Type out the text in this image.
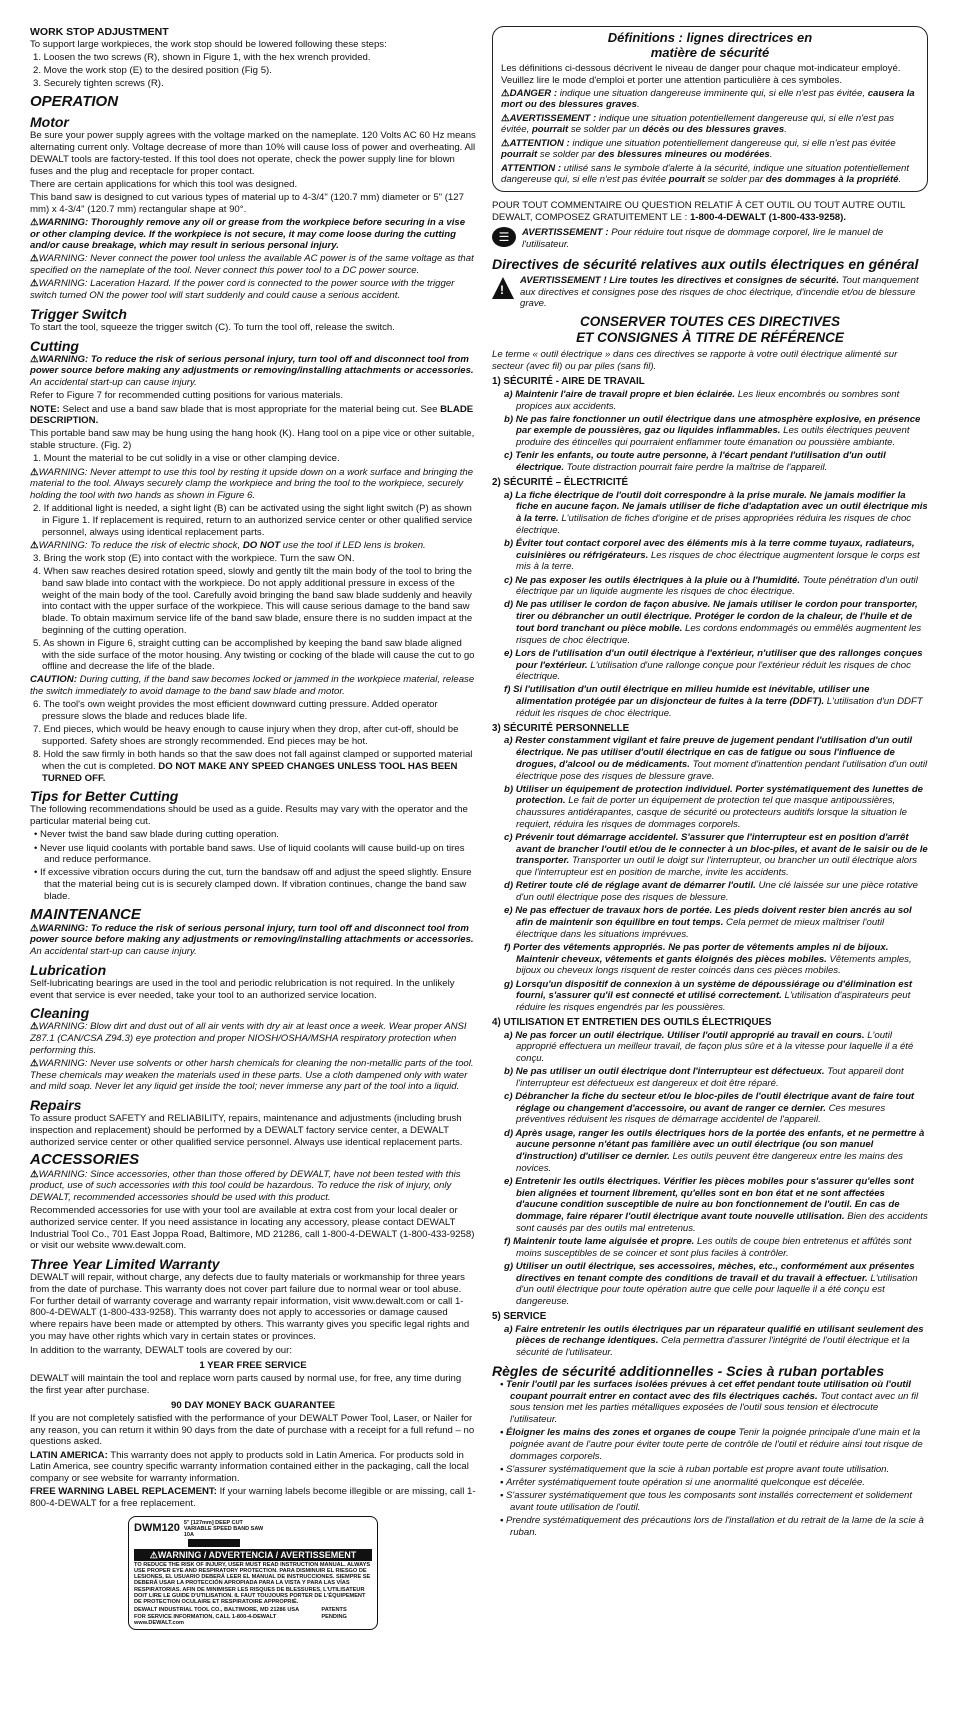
WORK STOP ADJUSTMENT

To support large workpieces, the work stop should be lowered following these steps:

1. Loosen the two screws (R), shown in Figure 1, with the hex wrench provided.

2. Move the work stop (E) to the desired position (Fig 5).

3. Securely tighten screws (R).

OPERATION

Motor

Be sure your power supply agrees with the voltage marked on the nameplate. 120 Volts AC 60 Hz means alternating current only. Voltage decrease of more than 10% will cause loss of power and overheating. All DEWALT tools are factory-tested. If this tool does not operate, check the power supply line for blown fuses and the plug and receptacle for proper contact.

There are certain applications for which this tool was designed.

This band saw is designed to cut various types of material up to 4-3/4" (120.7 mm) diameter or 5" (127 mm) x 4-3/4" (120.7 mm) rectangular shape at 90°.

⚠WARNING: Thoroughly remove any oil or grease from the workpiece before securing in a vise or other clamping device. If the workpiece is not secure, it may come loose during the cutting and/or cause breakage, which may result in serious personal injury.

⚠WARNING: Never connect the power tool unless the available AC power is of the same voltage as that specified on the nameplate of the tool. Never connect this power tool to a DC power source.

⚠WARNING: Laceration Hazard. If the power cord is connected to the power source with the trigger switch turned ON the power tool will start suddenly and could cause a serious accident.

Trigger Switch

To start the tool, squeeze the trigger switch (C). To turn the tool off, release the switch.

Cutting

⚠WARNING: To reduce the risk of serious personal injury, turn tool off and disconnect tool from power source before making any adjustments or removing/installing attachments or accessories. An accidental start-up can cause injury.

Refer to Figure 7 for recommended cutting positions for various materials.

NOTE: Select and use a band saw blade that is most appropriate for the material being cut. See BLADE DESCRIPTION.

This portable band saw may be hung using the hang hook (K). Hang tool on a pipe vice or other suitable, stable structure. (Fig. 2)

1. Mount the material to be cut solidly in a vise or other clamping device.

⚠WARNING: Never attempt to use this tool by resting it upside down on a work surface and bringing the material to the tool. Always securely clamp the workpiece and bring the tool to the workpiece, securely holding the tool with two hands as shown in Figure 6.

2. If additional light is needed, a sight light (B) can be activated using the sight light switch (P) as shown in Figure 1. If replacement is required, return to an authorized service center or other qualified service personnel, always using identical replacement parts.

⚠WARNING: To reduce the risk of electric shock, DO NOT use the tool if LED lens is broken.

3. Bring the work stop (E) into contact with the workpiece. Turn the saw ON.

4. When saw reaches desired rotation speed, slowly and gently tilt the main body of the tool to bring the band saw blade into contact with the workpiece. Do not apply additional pressure in excess of the weight of the main body of the tool. Carefully avoid bringing the band saw blade suddenly and heavily into contact with the upper surface of the workpiece. This will cause serious damage to the band saw blade. To obtain maximum service life of the band saw blade, ensure there is no sudden impact at the beginning of the cutting operation.

5. As shown in Figure 6, straight cutting can be accomplished by keeping the band saw blade aligned with the side surface of the motor housing. Any twisting or cocking of the blade will cause the cut to go offline and decrease the life of the blade.

CAUTION: During cutting, if the band saw becomes locked or jammed in the workpiece material, release the switch immediately to avoid damage to the band saw blade and motor.

6. The tool's own weight provides the most efficient downward cutting pressure. Added operator pressure slows the blade and reduces blade life.

7. End pieces, which would be heavy enough to cause injury when they drop, after cut-off, should be supported. Safety shoes are strongly recommended. End pieces may be hot.

8. Hold the saw firmly in both hands so that the saw does not fall against clamped or supported material when the cut is completed. DO NOT MAKE ANY SPEED CHANGES UNLESS TOOL HAS BEEN TURNED OFF.

Tips for Better Cutting

The following recommendations should be used as a guide. Results may vary with the operator and the particular material being cut.

• Never twist the band saw blade during cutting operation.

• Never use liquid coolants with portable band saws. Use of liquid coolants will cause build-up on tires and reduce performance.

• If excessive vibration occurs during the cut, turn the bandsaw off and adjust the speed slightly. Ensure that the material being cut is is securely clamped down. If vibration continues, change the band saw blade.

MAINTENANCE

⚠WARNING: To reduce the risk of serious personal injury, turn tool off and disconnect tool from power source before making any adjustments or removing/installing attachments or accessories. An accidental start-up can cause injury.

Lubrication

Self-lubricating bearings are used in the tool and periodic relubrication is not required. In the unlikely event that service is ever needed, take your tool to an authorized service location.

Cleaning

⚠WARNING: Blow dirt and dust out of all air vents with dry air at least once a week. Wear proper ANSI Z87.1 (CAN/CSA Z94.3) eye protection and proper NIOSH/OSHA/MSHA respiratory protection when performing this.

⚠WARNING: Never use solvents or other harsh chemicals for cleaning the non-metallic parts of the tool. These chemicals may weaken the materials used in these parts. Use a cloth dampened only with water and mild soap. Never let any liquid get inside the tool; never immerse any part of the tool into a liquid.

Repairs

To assure product SAFETY and RELIABILITY, repairs, maintenance and adjustments (including brush inspection and replacement) should be performed by a DEWALT factory service center, a DEWALT authorized service center or other qualified service personnel. Always use identical replacement parts.

ACCESSORIES

⚠WARNING: Since accessories, other than those offered by DEWALT, have not been tested with this product, use of such accessories with this tool could be hazardous. To reduce the risk of injury, only DEWALT, recommended accessories should be used with this product.

Recommended accessories for use with your tool are available at extra cost from your local dealer or authorized service center. If you need assistance in locating any accessory, please contact DEWALT Industrial Tool Co., 701 East Joppa Road, Baltimore, MD 21286, call 1-800-4-DEWALT (1-800-433-9258) or visit our website www.dewalt.com.

Three Year Limited Warranty

DEWALT will repair, without charge, any defects due to faulty materials or workmanship for three years from the date of purchase. This warranty does not cover part failure due to normal wear or tool abuse. For further detail of warranty coverage and warranty repair information, visit www.dewalt.com or call 1-800-4-DEWALT (1-800-433-9258). This warranty does not apply to accessories or damage caused where repairs have been made or attempted by others. This warranty gives you specific legal rights and you may have other rights which vary in certain states or provinces.

In addition to the warranty, DEWALT tools are covered by our:

1 YEAR FREE SERVICE

DEWALT will maintain the tool and replace worn parts caused by normal use, for free, any time during the first year after purchase.

90 DAY MONEY BACK GUARANTEE

If you are not completely satisfied with the performance of your DEWALT Power Tool, Laser, or Nailer for any reason, you can return it within 90 days from the date of purchase with a receipt for a full refund – no questions asked.

LATIN AMERICA: This warranty does not apply to products sold in Latin America. For products sold in Latin America, see country specific warranty information contained either in the packaging, call the local company or see website for warranty information.

FREE WARNING LABEL REPLACEMENT: If your warning labels become illegible or are missing, call 1-800-4-DEWALT for a free replacement.

DWM120 5" [127mm] DEEP CUT
VARIABLE SPEED BAND SAW
10A
⚠WARNING / ADVERTENCIA / AVERTISSEMENT
TO REDUCE THE RISK OF INJURY, USER MUST READ INSTRUCTION MANUAL. ALWAYS USE PROPER EYE AND RESPIRATORY PROTECTION. PARA DISMINUIR EL RIESGO DE LESIONES, EL USUARIO DEBERÁ LEER EL MANUAL DE INSTRUCCIONES. SIEMPRE SE DEBERÁ USAR LA PROTECCIÓN APROPIADA PARA LA VISTA Y PARA LAS VÍAS RESPIRATORIAS. AFIN DE MINIMISER LES RISQUES DE BLESSURES, L'UTILISATEUR DOIT LIRE LE GUIDE D'UTILISATION. IL FAUT TOUJOURS PORTER DE L'ÉQUIPEMENT DE PROTECTION OCULAIRE ET RESPIRATOIRE APPROPRIÉ.
DEWALT INDUSTRIAL TOOL CO., BALTIMORE, MD 21286 USA
FOR SERVICE INFORMATION, CALL 1-800-4-DEWALT www.DEWALT.com
PATENTS PENDING
Définitions : lignes directrices en
matière de sécurité

Les définitions ci-dessous décrivent le niveau de danger pour chaque mot-indicateur employé. Veuillez lire le mode d'emploi et porter une attention particulière à ces symboles.

⚠DANGER : indique une situation dangereuse imminente qui, si elle n'est pas évitée, causera la mort ou des blessures graves.

⚠AVERTISSEMENT : indique une situation potentiellement dangereuse qui, si elle n'est pas évitée, pourrait se solder par un décès ou des blessures graves.

⚠ATTENTION : indique une situation potentiellement dangereuse qui, si elle n'est pas évitée pourrait se solder par des blessures mineures ou modérées.

ATTENTION : utilisé sans le symbole d'alerte à la sécurité, indique une situation potentiellement dangereuse qui, si elle n'est pas évitée pourrait se solder par des dommages à la propriété.

POUR TOUT COMMENTAIRE OU QUESTION RELATIF À CET OUTIL OU TOUT AUTRE OUTIL DEWALT, COMPOSEZ GRATUITEMENT LE : 1-800-4-DEWALT (1-800-433-9258).

☰	AVERTISSEMENT : Pour réduire tout risque de dommage corporel, lire le manuel de l'utilisateur.

Directives de sécurité relatives aux outils électriques en général

!

AVERTISSEMENT ! Lire toutes les directives et consignes de sécurité. Tout manquement aux directives et consignes pose des risques de choc électrique, d'incendie et/ou de blessure grave.

CONSERVER TOUTES CES DIRECTIVES
ET CONSIGNES À TITRE DE RÉFÉRENCE

Le terme « outil électrique » dans ces directives se rapporte à votre outil électrique alimenté sur secteur (avec fil) ou par piles (sans fil).

1) SÉCURITÉ - AIRE DE TRAVAIL

a) Maintenir l'aire de travail propre et bien éclairée. Les lieux encombrés ou sombres sont propices aux accidents.

b) Ne pas faire fonctionner un outil électrique dans une atmosphère explosive, en présence par exemple de poussières, gaz ou liquides inflammables. Les outils électriques peuvent produire des étincelles qui pourraient enflammer toute émanation ou poussière ambiante.

c) Tenir les enfants, ou toute autre personne, à l'écart pendant l'utilisation d'un outil électrique. Toute distraction pourrait faire perdre la maîtrise de l'appareil.

2) SÉCURITÉ – ÉLECTRICITÉ

a) La fiche électrique de l'outil doit correspondre à la prise murale. Ne jamais modifier la fiche en aucune façon. Ne jamais utiliser de fiche d'adaptation avec un outil électrique mis à la terre. L'utilisation de fiches d'origine et de prises appropriées réduira les risques de choc électrique.

b) Éviter tout contact corporel avec des éléments mis à la terre comme tuyaux, radiateurs, cuisinières ou réfrigérateurs. Les risques de choc électrique augmentent lorsque le corps est mis à la terre.

c) Ne pas exposer les outils électriques à la pluie ou à l'humidité. Toute pénétration d'un outil électrique par un liquide augmente les risques de choc électrique.

d) Ne pas utiliser le cordon de façon abusive. Ne jamais utiliser le cordon pour transporter, tirer ou débrancher un outil électrique. Protéger le cordon de la chaleur, de l'huile et de tout bord tranchant ou pièce mobile. Les cordons endommagés ou emmêlés augmentent les risques de choc électrique.

e) Lors de l'utilisation d'un outil électrique à l'extérieur, n'utiliser que des rallonges conçues pour l'extérieur. L'utilisation d'une rallonge conçue pour l'extérieur réduit les risques de choc électrique.

f) Si l'utilisation d'un outil électrique en milieu humide est inévitable, utiliser une alimentation protégée par un disjoncteur de fuites à la terre (DDFT). L'utilisation d'un DDFT réduit les risques de choc électrique.

3) SÉCURITÉ PERSONNELLE

a) Rester constamment vigilant et faire preuve de jugement pendant l'utilisation d'un outil électrique. Ne pas utiliser d'outil électrique en cas de fatigue ou sous l'influence de drogues, d'alcool ou de médicaments. Tout moment d'inattention pendant l'utilisation d'un outil électrique pose des risques de blessure grave.

b) Utiliser un équipement de protection individuel. Porter systématiquement des lunettes de protection. Le fait de porter un équipement de protection tel que masque antipoussières, chaussures antidérapantes, casque de sécurité ou protecteurs auditifs lorsque la situation le requiert, réduira les risques de dommages corporels.

c) Prévenir tout démarrage accidentel. S'assurer que l'interrupteur est en position d'arrêt avant de brancher l'outil et/ou de le connecter à un bloc-piles, et avant de le saisir ou de le transporter. Transporter un outil le doigt sur l'interrupteur, ou brancher un outil électrique alors que l'interrupteur est en position de marche, invite les accidents.

d) Retirer toute clé de réglage avant de démarrer l'outil. Une clé laissée sur une pièce rotative d'un outil électrique pose des risques de blessure.

e) Ne pas effectuer de travaux hors de portée. Les pieds doivent rester bien ancrés au sol afin de maintenir son équilibre en tout temps. Cela permet de mieux maîtriser l'outil électrique dans les situations imprévues.

f) Porter des vêtements appropriés. Ne pas porter de vêtements amples ni de bijoux. Maintenir cheveux, vêtements et gants éloignés des pièces mobiles. Vêtements amples, bijoux ou cheveux longs risquent de rester coincés dans ces pièces mobiles.

g) Lorsqu'un dispositif de connexion à un système de dépoussiérage ou d'élimination est fourni, s'assurer qu'il est connecté et utilisé correctement. L'utilisation d'aspirateurs peut réduire les risques engendrés par les poussières.

4) UTILISATION ET ENTRETIEN DES OUTILS ÉLECTRIQUES

a) Ne pas forcer un outil électrique. Utiliser l'outil approprié au travail en cours. L'outil approprié effectuera un meilleur travail, de façon plus sûre et à la vitesse pour laquelle il a été conçu.

b) Ne pas utiliser un outil électrique dont l'interrupteur est défectueux. Tout appareil dont l'interrupteur est défectueux est dangereux et doit être réparé.

c) Débrancher la fiche du secteur et/ou le bloc-piles de l'outil électrique avant de faire tout réglage ou changement d'accessoire, ou avant de ranger ce dernier. Ces mesures préventives réduisent les risques de démarrage accidentel de l'appareil.

d) Après usage, ranger les outils électriques hors de la portée des enfants, et ne permettre à aucune personne n'étant pas familière avec un outil électrique (ou son manuel d'instruction) d'utiliser ce dernier. Les outils peuvent être dangereux entre les mains des novices.

e) Entretenir les outils électriques. Vérifier les pièces mobiles pour s'assurer qu'elles sont bien alignées et tournent librement, qu'elles sont en bon état et ne sont affectées d'aucune condition susceptible de nuire au bon fonctionnement de l'outil. En cas de dommage, faire réparer l'outil électrique avant toute nouvelle utilisation. Bien des accidents sont causés par des outils mal entretenus.

f) Maintenir toute lame aiguisée et propre. Les outils de coupe bien entretenus et affûtés sont moins susceptibles de se coincer et sont plus faciles à contrôler.

g) Utiliser un outil électrique, ses accessoires, mèches, etc., conformément aux présentes directives en tenant compte des conditions de travail et du travail à effectuer. L'utilisation d'un outil électrique pour toute opération autre que celle pour laquelle il a été conçu est dangereuse.

5) SERVICE

a) Faire entretenir les outils électriques par un réparateur qualifié en utilisant seulement des pièces de rechange identiques. Cela permettra d'assurer l'intégrité de l'outil électrique et la sécurité de l'utilisateur.

Règles de sécurité additionnelles - Scies à ruban portables

• Tenir l'outil par les surfaces isolées prévues à cet effet pendant toute utilisation où l'outil coupant pourrait entrer en contact avec des fils électriques cachés. Tout contact avec un fil sous tension met les parties métalliques exposées de l'outil sous tension et électrocute l'utilisateur.

• Éloigner les mains des zones et organes de coupe Tenir la poignée principale d'une main et la poignée avant de l'autre pour éviter toute perte de contrôle de l'outil et réduire ainsi tout risque de dommages corporels.

• S'assurer systématiquement que la scie à ruban portable est propre avant toute utilisation.

• Arrêter systématiquement toute opération si une anormalité quelconque est décelée.

• S'assurer systématiquement que tous les composants sont installés correctement et solidement avant toute utilisation de l'outil.

• Prendre systématiquement des précautions lors de l'installation et du retrait de la lame de la scie à ruban.
